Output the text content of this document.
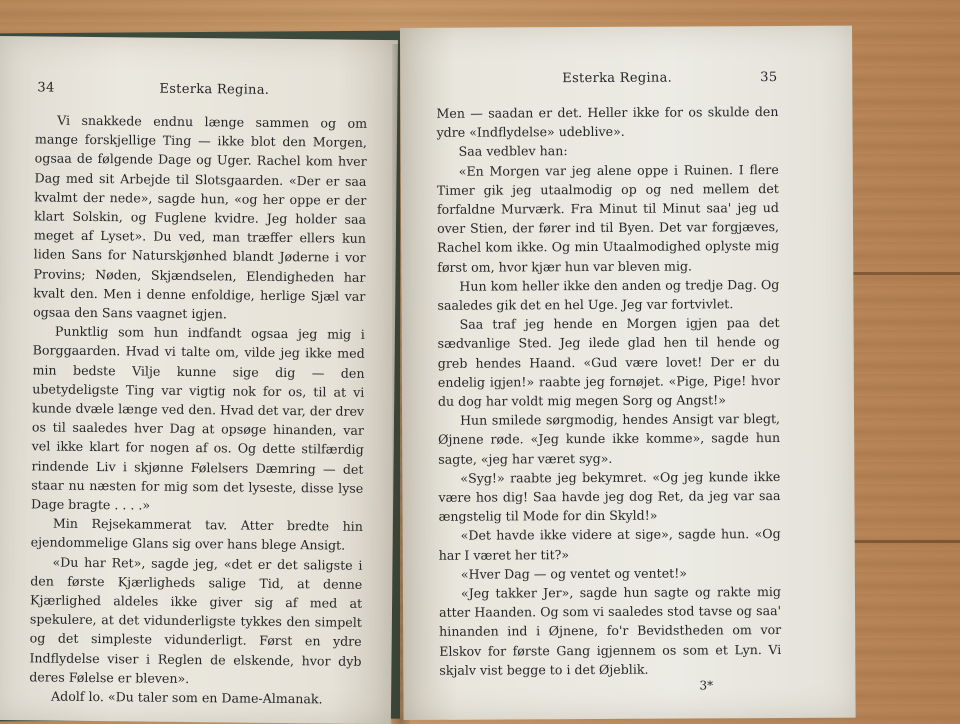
34	Esterka Regina.

Vi snakkede endnu længe sammen og om mange forskjellige Ting — ikke blot den Morgen, ogsaa de følgende Dage og Uger. Rachel kom hver Dag med sit Arbejde til Slotsgaarden. «Der er saa kvalmt der nede», sagde hun, «og her oppe er der klart Solskin, og Fuglene kvidre. Jeg holder saa meget af Lyset». Du ved, man træffer ellers kun liden Sans for Naturskjønhed blandt Jøderne i vor Provins; Nøden, Skjændselen, Elendigheden har kvalt den. Men i denne enfoldige, herlige Sjæl var ogsaa den Sans vaagnet igjen.

Punktlig som hun indfandt ogsaa jeg mig i Borggaarden. Hvad vi talte om, vilde jeg ikke med min bedste Vilje kunne sige dig — den ubetydeligste Ting var vigtig nok for os, til at vi kunde dvæle længe ved den. Hvad det var, der drev os til saaledes hver Dag at opsøge hinanden, var vel ikke klart for nogen af os. Og dette stilfærdig rindende Liv i skjønne Følelsers Dæmring — det staar nu næsten for mig som det lyseste, disse lyse Dage bragte . . . .»

Min Rejsekammerat tav. Atter bredte hin ejendommelige Glans sig over hans blege Ansigt.

«Du har Ret», sagde jeg, «det er det saligste i den første Kjærligheds salige Tid, at denne Kjærlighed aldeles ikke giver sig af med at spekulere, at det vidunderligste tykkes den simpelt og det simpleste vidunderligt. Først en ydre Indflydelse viser i Reglen de elskende, hvor dyb deres Følelse er bleven».

Adolf lo. «Du taler som en Dame-Almanak.

Esterka Regina.	35

Men — saadan er det. Heller ikke for os skulde den ydre «Indflydelse» udeblive».

Saa vedblev han:

«En Morgen var jeg alene oppe i Ruinen. I flere Timer gik jeg utaalmodig op og ned mellem det forfaldne Murværk. Fra Minut til Minut saa' jeg ud over Stien, der fører ind til Byen. Det var forgjæves, Rachel kom ikke. Og min Utaalmodighed oplyste mig først om, hvor kjær hun var bleven mig.

Hun kom heller ikke den anden og tredje Dag. Og saaledes gik det en hel Uge. Jeg var fortvivlet.

Saa traf jeg hende en Morgen igjen paa det sædvanlige Sted. Jeg ilede glad hen til hende og greb hendes Haand. «Gud være lovet! Der er du endelig igjen!» raabte jeg fornøjet. «Pige, Pige! hvor du dog har voldt mig megen Sorg og Angst!»

Hun smilede sørgmodig, hendes Ansigt var blegt, Øjnene røde. «Jeg kunde ikke komme», sagde hun sagte, «jeg har været syg».

«Syg!» raabte jeg bekymret. «Og jeg kunde ikke være hos dig! Saa havde jeg dog Ret, da jeg var saa ængstelig til Mode for din Skyld!»

«Det havde ikke videre at sige», sagde hun. «Og har I været her tit?»

«Hver Dag — og ventet og ventet!»

«Jeg takker Jer», sagde hun sagte og rakte mig atter Haanden. Og som vi saaledes stod tavse og saa' hinanden ind i Øjnene, fo'r Bevidstheden om vor Elskov for første Gang igjennem os som et Lyn. Vi skjalv vist begge to i det Øjeblik.

3*
